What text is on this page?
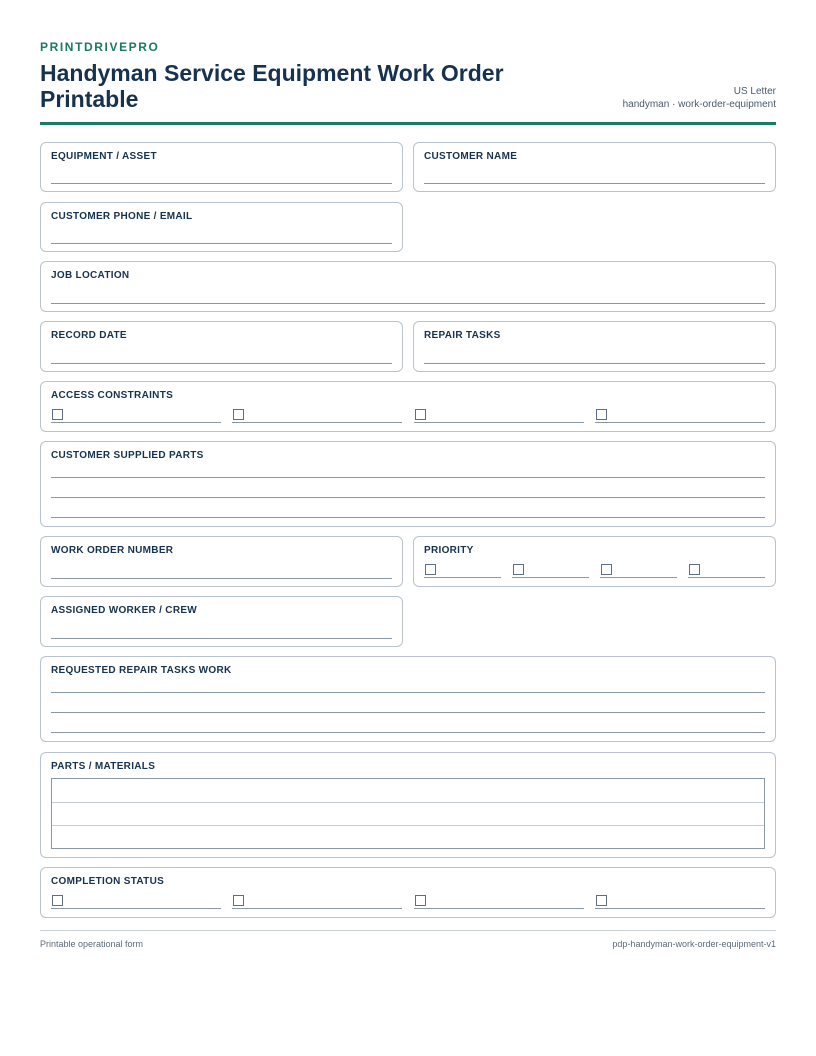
PRINTDRIVEPRO
Handyman Service Equipment Work Order Printable	US Letter
handyman · work-order-equipment
EQUIPMENT / ASSET	CUSTOMER NAME
CUSTOMER PHONE / EMAIL
JOB LOCATION
RECORD DATE	REPAIR TASKS
ACCESS CONSTRAINTS
CUSTOMER SUPPLIED PARTS
WORK ORDER NUMBER	PRIORITY
ASSIGNED WORKER / CREW
REQUESTED REPAIR TASKS WORK
PARTS / MATERIALS
COMPLETION STATUS
Printable operational form	pdp-handyman-work-order-equipment-v1
